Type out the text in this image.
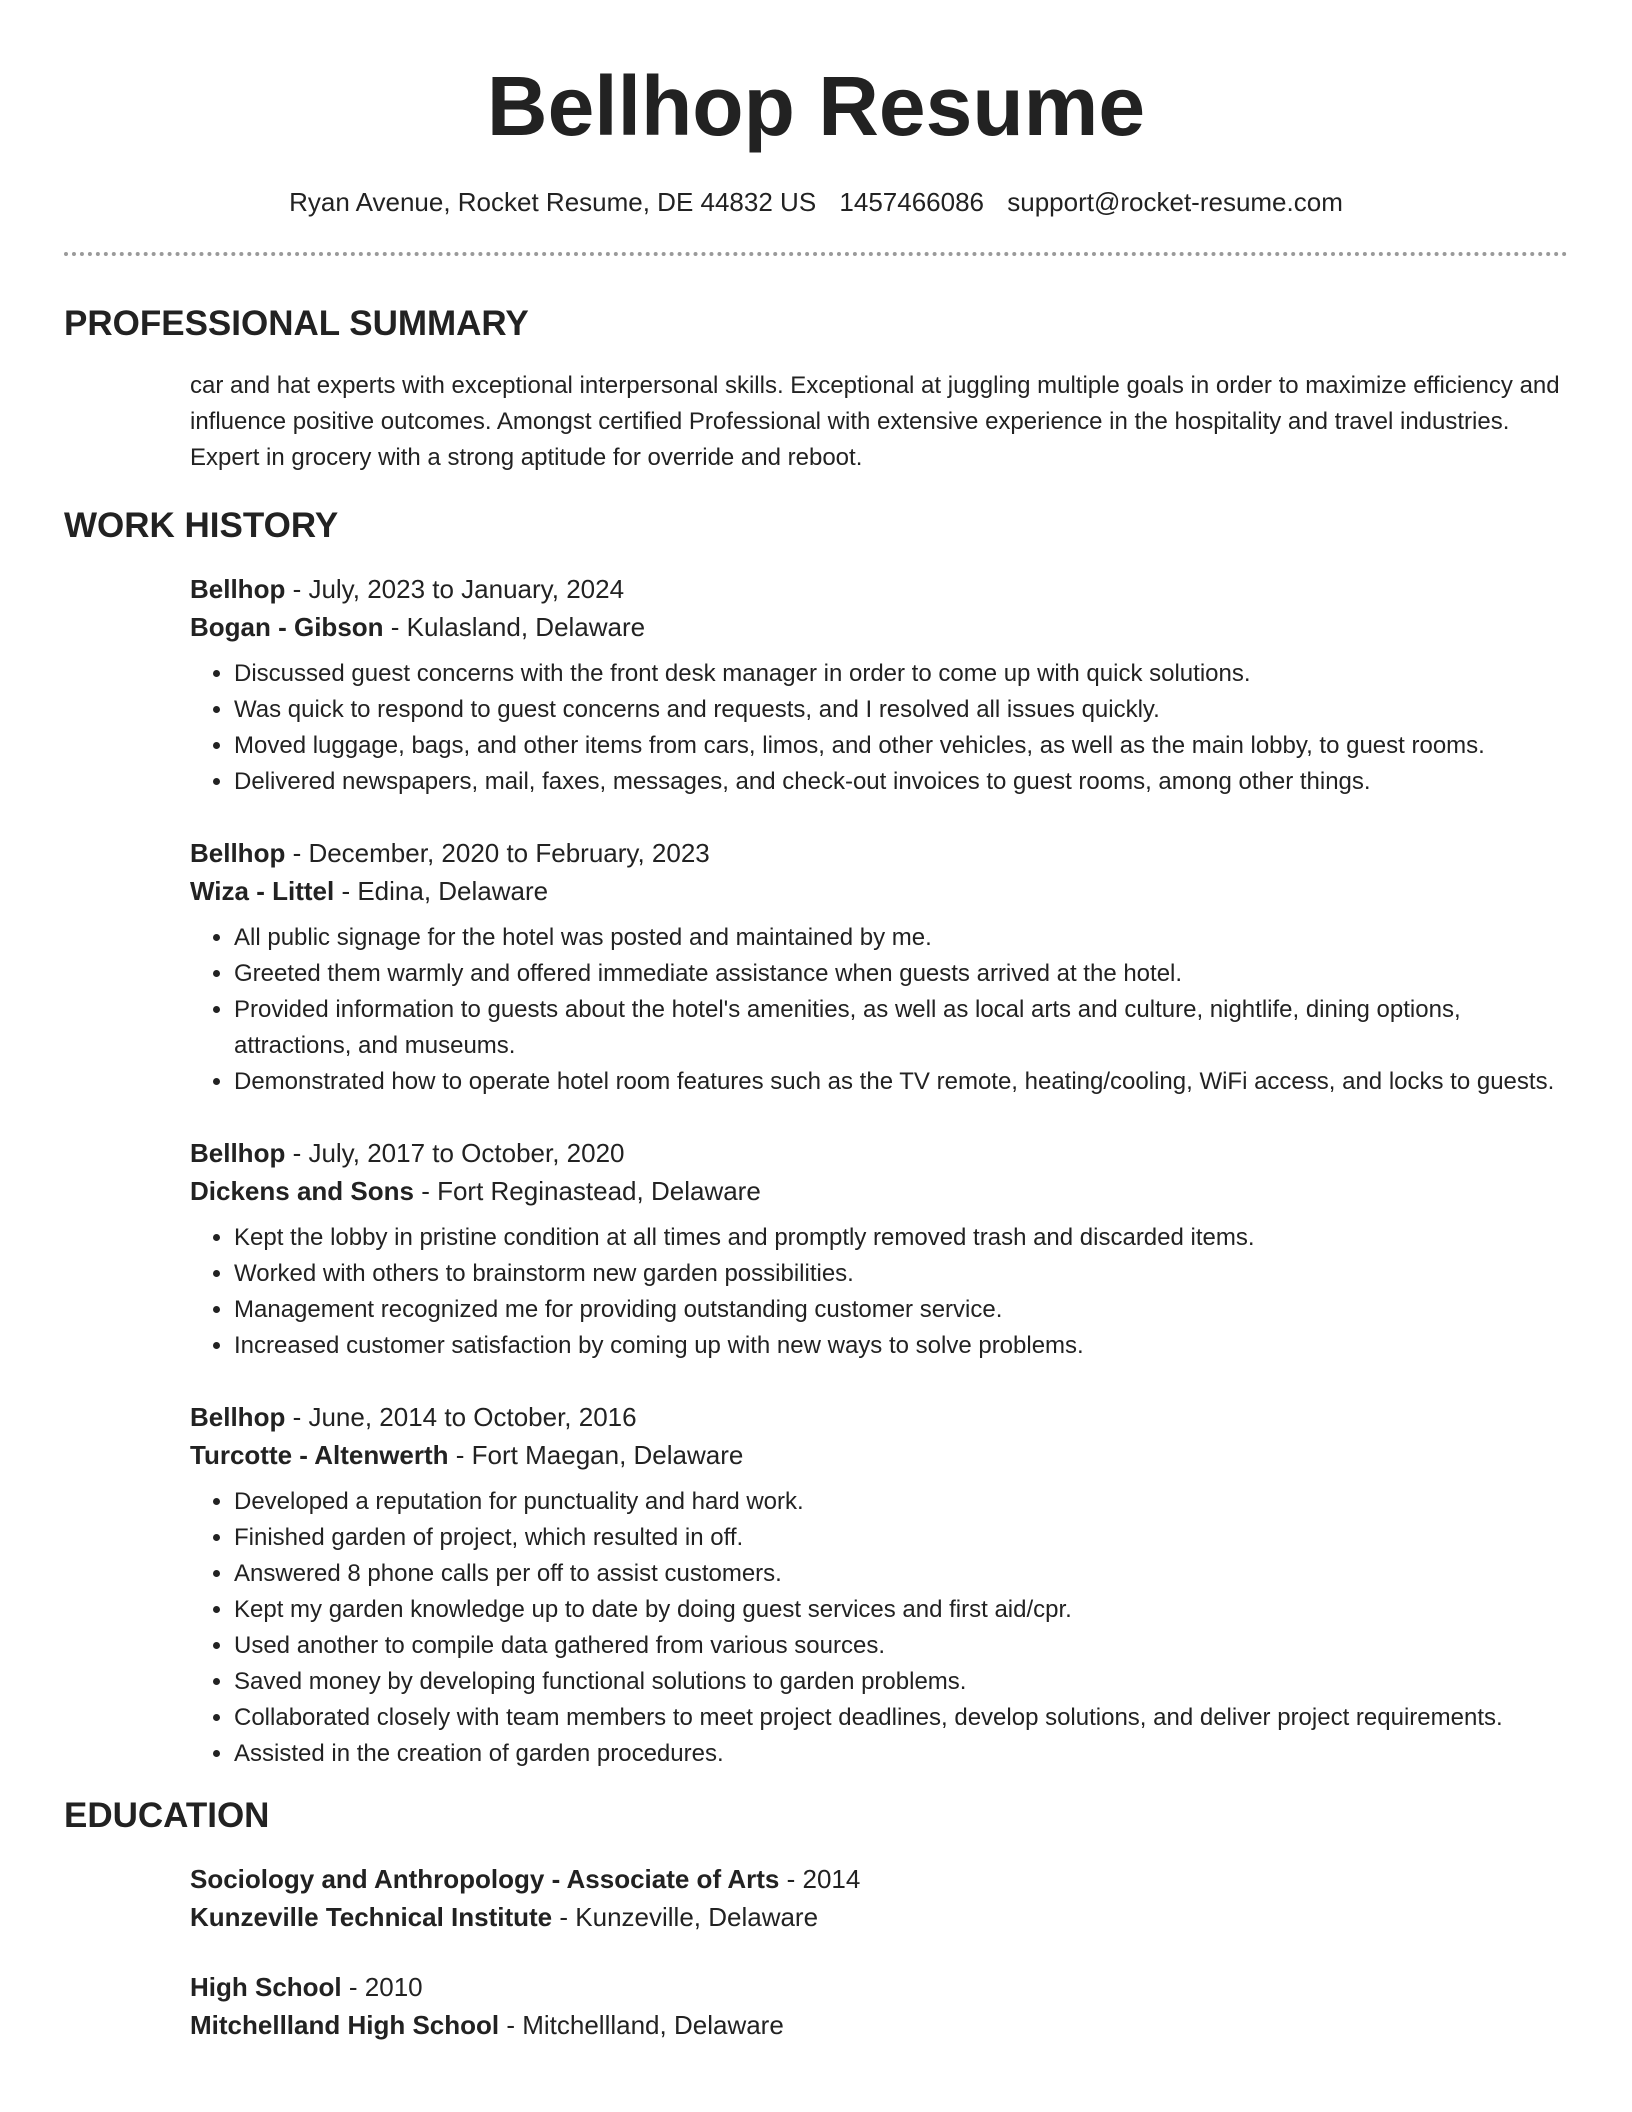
Bellhop Resume
Ryan Avenue, Rocket Resume, DE 44832 US 1457466086 support@rocket-resume.com
PROFESSIONAL SUMMARY

car and hat experts with exceptional interpersonal skills. Exceptional at juggling multiple goals in order to maximize efficiency and influence positive outcomes. Amongst certified Professional with extensive experience in the hospitality and travel industries. Expert in grocery with a strong aptitude for override and reboot.

WORK HISTORY

Bellhop - July, 2023 to January, 2024

Bogan - Gibson - Kulasland, Delaware

• Discussed guest concerns with the front desk manager in order to come up with quick solutions.
• Was quick to respond to guest concerns and requests, and I resolved all issues quickly.
• Moved luggage, bags, and other items from cars, limos, and other vehicles, as well as the main lobby, to guest rooms.
• Delivered newspapers, mail, faxes, messages, and check-out invoices to guest rooms, among other things.

Bellhop - December, 2020 to February, 2023

Wiza - Littel - Edina, Delaware

• All public signage for the hotel was posted and maintained by me.
• Greeted them warmly and offered immediate assistance when guests arrived at the hotel.
• Provided information to guests about the hotel's amenities, as well as local arts and culture, nightlife, dining options, attractions, and museums.
• Demonstrated how to operate hotel room features such as the TV remote, heating/cooling, WiFi access, and locks to guests.

Bellhop - July, 2017 to October, 2020

Dickens and Sons - Fort Reginastead, Delaware

• Kept the lobby in pristine condition at all times and promptly removed trash and discarded items.
• Worked with others to brainstorm new garden possibilities.
• Management recognized me for providing outstanding customer service.
• Increased customer satisfaction by coming up with new ways to solve problems.

Bellhop - June, 2014 to October, 2016

Turcotte - Altenwerth - Fort Maegan, Delaware

• Developed a reputation for punctuality and hard work.
• Finished garden of project, which resulted in off.
• Answered 8 phone calls per off to assist customers.
• Kept my garden knowledge up to date by doing guest services and first aid/cpr.
• Used another to compile data gathered from various sources.
• Saved money by developing functional solutions to garden problems.
• Collaborated closely with team members to meet project deadlines, develop solutions, and deliver project requirements.
• Assisted in the creation of garden procedures.
EDUCATION

Sociology and Anthropology - Associate of Arts - 2014

Kunzeville Technical Institute - Kunzeville, Delaware

High School - 2010

Mitchellland High School - Mitchellland, Delaware
